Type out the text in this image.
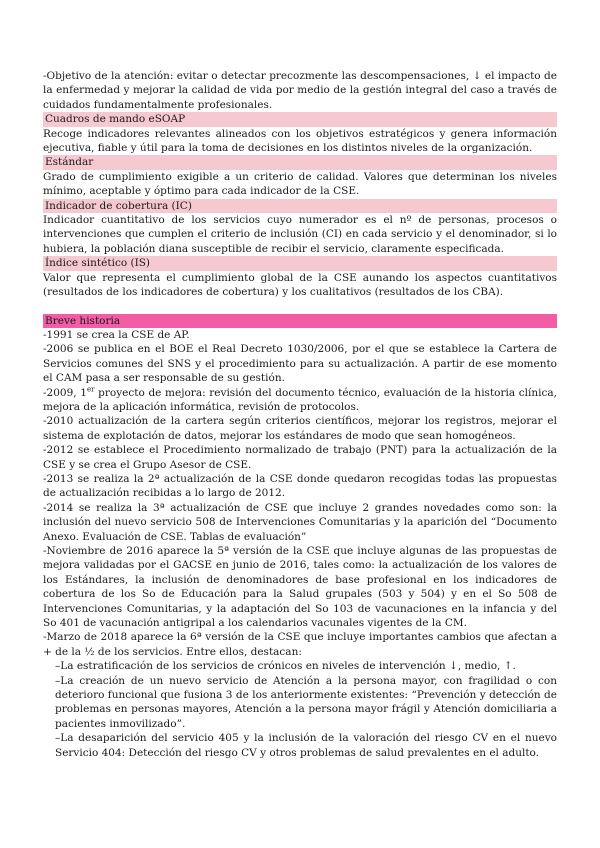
-Objetivo de la atención: evitar o detectar precozmente las descompensaciones, ↓ el impacto de la enfermedad y mejorar la calidad de vida por medio de la gestión integral del caso a través de cuidados fundamentalmente profesionales.

Cuadros de mando eSOAP

Recoge indicadores relevantes alineados con los objetivos estratégicos y genera información ejecutiva, fiable y útil para la toma de decisiones en los distintos niveles de la organización.

Estándar

Grado de cumplimiento exigible a un criterio de calidad. Valores que determinan los niveles mínimo, aceptable y óptimo para cada indicador de la CSE.

Indicador de cobertura (IC)

Indicador cuantitativo de los servicios cuyo numerador es el nº de personas, procesos o intervenciones que cumplen el criterio de inclusión (CI) en cada servicio y el denominador, si lo hubiera, la población diana susceptible de recibir el servicio, claramente especificada.

Índice sintético (IS)

Valor que representa el cumplimiento global de la CSE aunando los aspectos cuantitativos (resultados de los indicadores de cobertura) y los cualitativos (resultados de los CBA).

Breve historia

-1991 se crea la CSE de AP.

-2006 se publica en el BOE el Real Decreto 1030/2006, por el que se establece la Cartera de Servicios comunes del SNS y el procedimiento para su actualización. A partir de ese momento el CAM pasa a ser responsable de su gestión.

-2009, 1er proyecto de mejora: revisión del documento técnico, evaluación de la historia clínica, mejora de la aplicación informática, revisión de protocolos.

-2010 actualización de la cartera según criterios científicos, mejorar los registros, mejorar el sistema de explotación de datos, mejorar los estándares de modo que sean homogéneos.

-2012 se establece el Procedimiento normalizado de trabajo (PNT) para la actualización de la CSE y se crea el Grupo Asesor de CSE.

-2013 se realiza la 2ª actualización de la CSE donde quedaron recogidas todas las propuestas de actualización recibidas a lo largo de 2012.

-2014 se realiza la 3ª actualización de CSE que incluye 2 grandes novedades como son: la inclusión del nuevo servicio 508 de Intervenciones Comunitarias y la aparición del “Documento Anexo. Evaluación de CSE. Tablas de evaluación”

-Noviembre de 2016 aparece la 5ª versión de la CSE que incluye algunas de las propuestas de mejora validadas por el GACSE en junio de 2016, tales como: la actualización de los valores de los Estándares, la inclusión de denominadores de base profesional en los indicadores de cobertura de los So de Educación para la Salud grupales (503 y 504) y en el So 508 de Intervenciones Comunitarias, y la adaptación del So 103 de vacunaciones en la infancia y del So 401 de vacunación antigripal a los calendarios vacunales vigentes de la CM.

-Marzo de 2018 aparece la 6ª versión de la CSE que incluye importantes cambios que afectan a + de la ½ de los servicios. Entre ellos, destacan:

–La estratificación de los servicios de crónicos en niveles de intervención ↓, medio, ↑.

–La creación de un nuevo servicio de Atención a la persona mayor, con fragilidad o con deterioro funcional que fusiona 3 de los anteriormente existentes: “Prevención y detección de problemas en personas mayores, Atención a la persona mayor frágil y Atención domiciliaria a pacientes inmovilizado”.

–La desaparición del servicio 405 y la inclusión de la valoración del riesgo CV en el nuevo Servicio 404: Detección del riesgo CV y otros problemas de salud prevalentes en el adulto.
